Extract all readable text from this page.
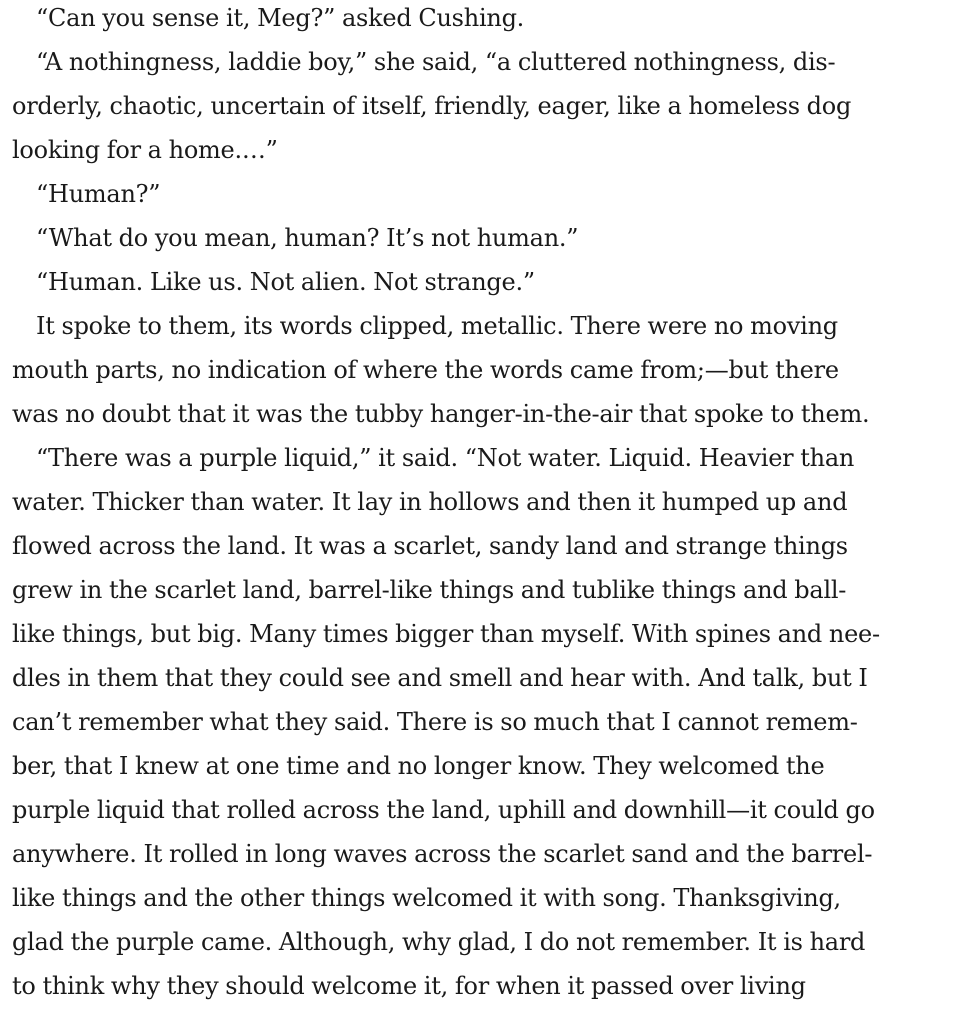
“Can you sense it, Meg?” asked Cushing.
“A nothingness, laddie boy,” she said, “a cluttered nothingness, dis-
orderly, chaotic, uncertain of itself, friendly, eager, like a homeless dog
looking for a home.…”
“Human?”
“What do you mean, human? It’s not human.”
“Human. Like us. Not alien. Not strange.”
It spoke to them, its words clipped, metallic. There were no moving
mouth parts, no indication of where the words came from;—but there
was no doubt that it was the tubby hanger-in-the-air that spoke to them.
“There was a purple liquid,” it said. “Not water. Liquid. Heavier than
water. Thicker than water. It lay in hollows and then it humped up and
flowed across the land. It was a scarlet, sandy land and strange things
grew in the scarlet land, barrel-like things and tublike things and ball-
like things, but big. Many times bigger than myself. With spines and nee-
dles in them that they could see and smell and hear with. And talk, but I
can’t remember what they said. There is so much that I cannot remem-
ber, that I knew at one time and no longer know. They welcomed the
purple liquid that rolled across the land, uphill and downhill—it could go
anywhere. It rolled in long waves across the scarlet sand and the barrel-
like things and the other things welcomed it with song. Thanksgiving,
glad the purple came. Although, why glad, I do not remember. It is hard
to think why they should welcome it, for when it passed over living
